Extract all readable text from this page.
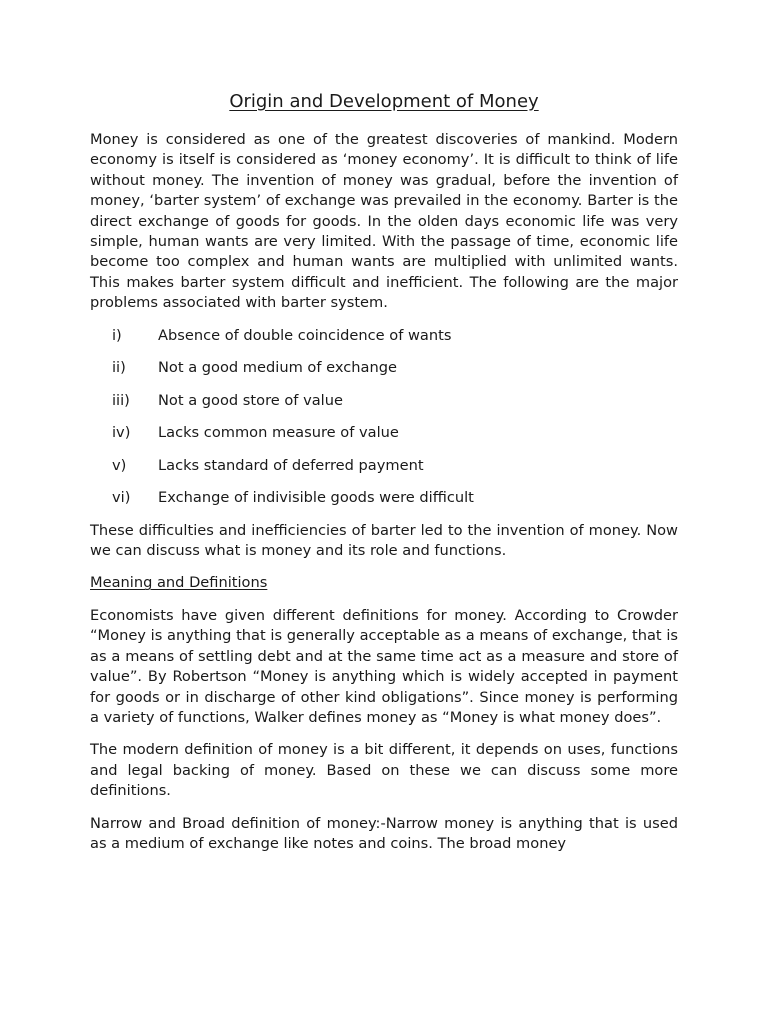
Origin and Development of Money

Money is considered as one of the greatest discoveries of mankind. Modern economy is itself is considered as ‘money economy’. It is difficult to think of life without money. The invention of money was gradual, before the invention of money, ‘barter system’ of exchange was prevailed in the economy. Barter is the direct exchange of goods for goods. In the olden days economic life was very simple, human wants are very limited. With the passage of time, economic life become too complex and human wants are multiplied with unlimited wants. This makes barter system difficult and inefficient. The following are the major problems associated with barter system.

i)	Absence of double coincidence of wants
ii)	Not a good medium of exchange
iii)	Not a good store of value
iv)	Lacks common measure of value
v)	Lacks standard of deferred payment
vi)	Exchange of indivisible goods were difficult

These difficulties and inefficiencies of barter led to the invention of money. Now we can discuss what is money and its role and functions.

Meaning and Definitions

Economists have given different definitions for money. According to Crowder “Money is anything that is generally acceptable as a means of exchange, that is as a means of settling debt and at the same time act as a measure and store of value”. By Robertson “Money is anything which is widely accepted in payment for goods or in discharge of other kind obligations”. Since money is performing a variety of functions, Walker defines money as “Money is what money does”.

The modern definition of money is a bit different, it depends on uses, functions and legal backing of money. Based on these we can discuss some more definitions.

Narrow and Broad definition of money:-Narrow money is anything that is used as a medium of exchange like notes and coins. The broad money
